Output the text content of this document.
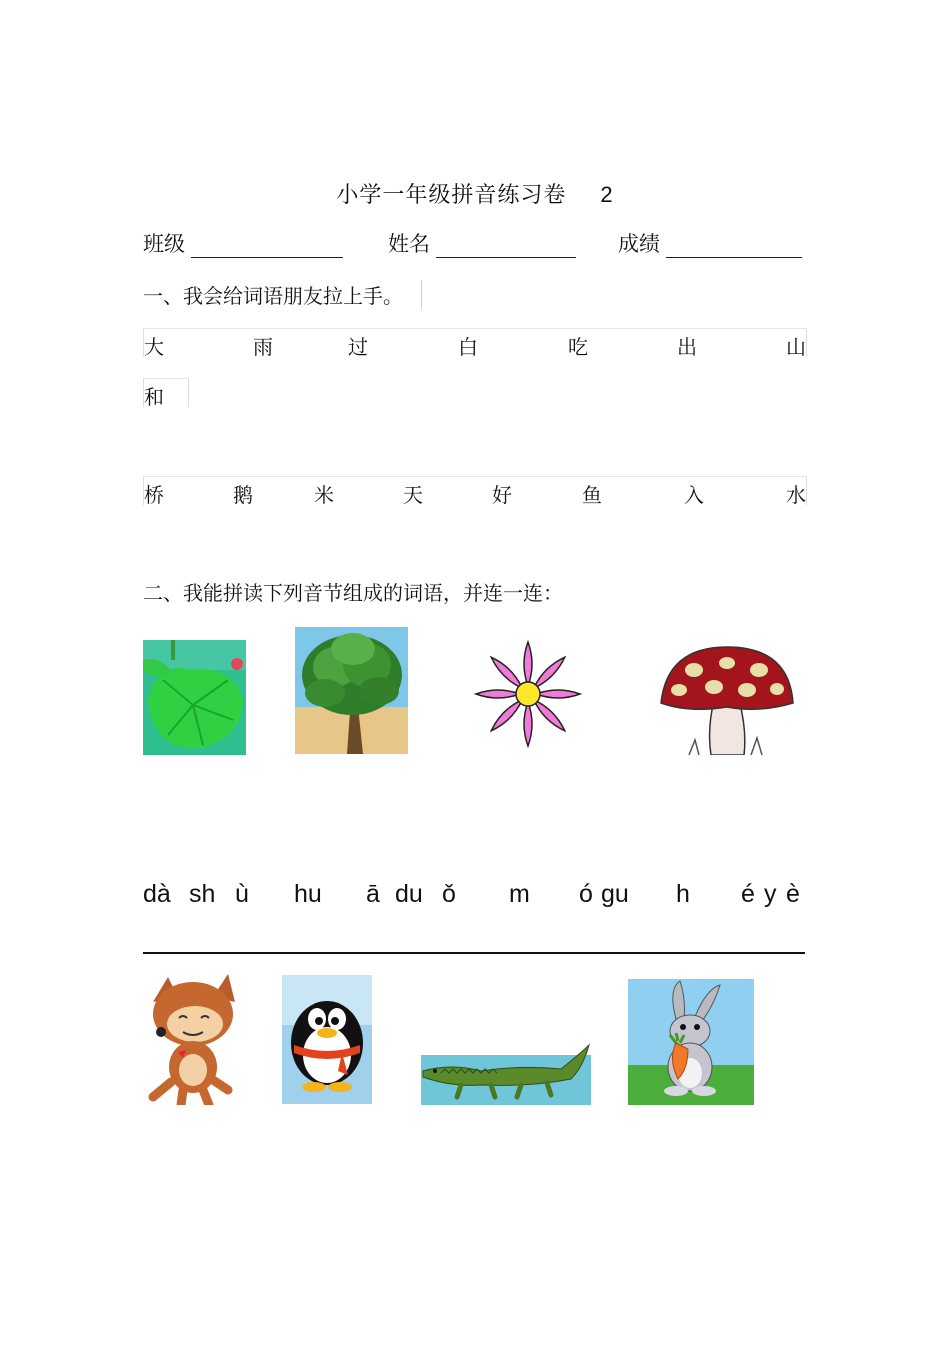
小学一年级拼音练习卷 2
班级	姓名	成绩
一、我会给词语朋友拉上手。
大	雨	过	白	吃	出	山
和
桥	鹅	米	天	好	鱼	入	水
二、我能拼读下列音节组成的词语，并连一连：
dà sh ù hu ā du ǒ m ó gu h é y è
